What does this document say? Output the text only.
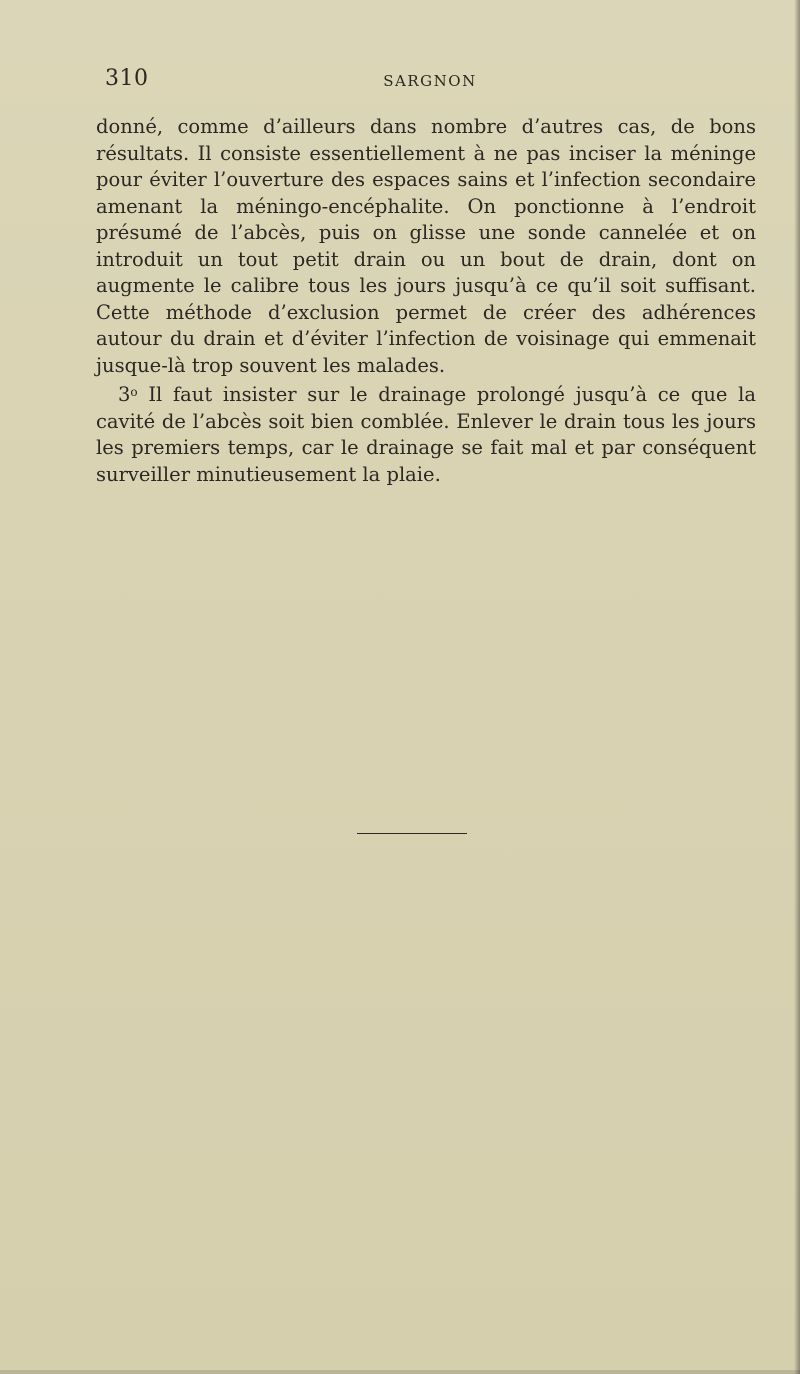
310	SARGNON

donné, comme d’ailleurs dans nombre d’autres cas, de bons résultats. Il consiste essentiellement à ne pas inciser la méninge pour éviter l’ouverture des espaces sains et l’infection secondaire amenant la méningo-encéphalite. On ponctionne à l’endroit présumé de l’abcès, puis on glisse une sonde cannelée et on introduit un tout petit drain ou un bout de drain, dont on augmente le calibre tous les jours jusqu’à ce qu’il soit suffisant. Cette méthode d’exclusion permet de créer des adhérences autour du drain et d’éviter l’infection de voisinage qui emmenait jusque-là trop souvent les malades.

3$^o$ Il faut insister sur le drainage prolongé jusqu’à ce que la cavité de l’abcès soit bien comblée. Enlever le drain tous les jours les premiers temps, car le drainage se fait mal et par conséquent surveiller minutieusement la plaie.
